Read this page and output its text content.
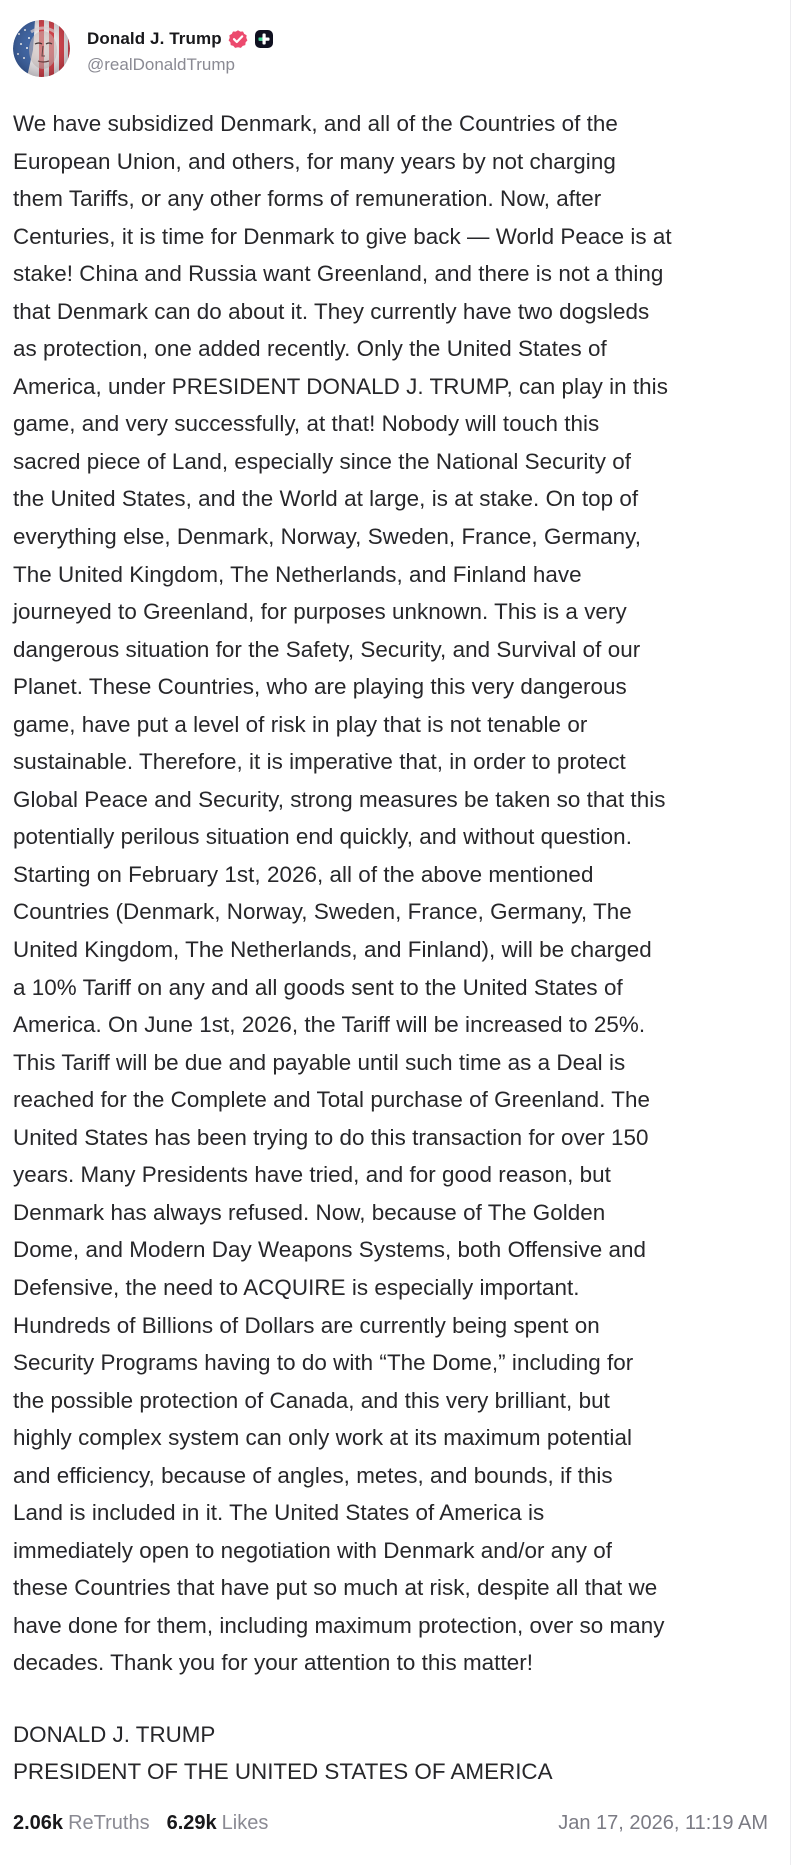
Donald J. Trump
@realDonaldTrump
We have subsidized Denmark, and all of the Countries of the
European Union, and others, for many years by not charging
them Tariffs, or any other forms of remuneration. Now, after
Centuries, it is time for Denmark to give back — World Peace is at
stake! China and Russia want Greenland, and there is not a thing
that Denmark can do about it. They currently have two dogsleds
as protection, one added recently. Only the United States of
America, under PRESIDENT DONALD J. TRUMP, can play in this
game, and very successfully, at that! Nobody will touch this
sacred piece of Land, especially since the National Security of
the United States, and the World at large, is at stake. On top of
everything else, Denmark, Norway, Sweden, France, Germany,
The United Kingdom, The Netherlands, and Finland have
journeyed to Greenland, for purposes unknown. This is a very
dangerous situation for the Safety, Security, and Survival of our
Planet. These Countries, who are playing this very dangerous
game, have put a level of risk in play that is not tenable or
sustainable. Therefore, it is imperative that, in order to protect
Global Peace and Security, strong measures be taken so that this
potentially perilous situation end quickly, and without question.
Starting on February 1st, 2026, all of the above mentioned
Countries (Denmark, Norway, Sweden, France, Germany, The
United Kingdom, The Netherlands, and Finland), will be charged
a 10% Tariff on any and all goods sent to the United States of
America. On June 1st, 2026, the Tariff will be increased to 25%.
This Tariff will be due and payable until such time as a Deal is
reached for the Complete and Total purchase of Greenland. The
United States has been trying to do this transaction for over 150
years. Many Presidents have tried, and for good reason, but
Denmark has always refused. Now, because of The Golden
Dome, and Modern Day Weapons Systems, both Offensive and
Defensive, the need to ACQUIRE is especially important.
Hundreds of Billions of Dollars are currently being spent on
Security Programs having to do with “The Dome,” including for
the possible protection of Canada, and this very brilliant, but
highly complex system can only work at its maximum potential
and efficiency, because of angles, metes, and bounds, if this
Land is included in it. The United States of America is
immediately open to negotiation with Denmark and/or any of
these Countries that have put so much at risk, despite all that we
have done for them, including maximum protection, over so many
decades. Thank you for your attention to this matter!
DONALD J. TRUMP
PRESIDENT OF THE UNITED STATES OF AMERICA
2.06k ReTruths 6.29k Likes	Jan 17, 2026, 11:19 AM
